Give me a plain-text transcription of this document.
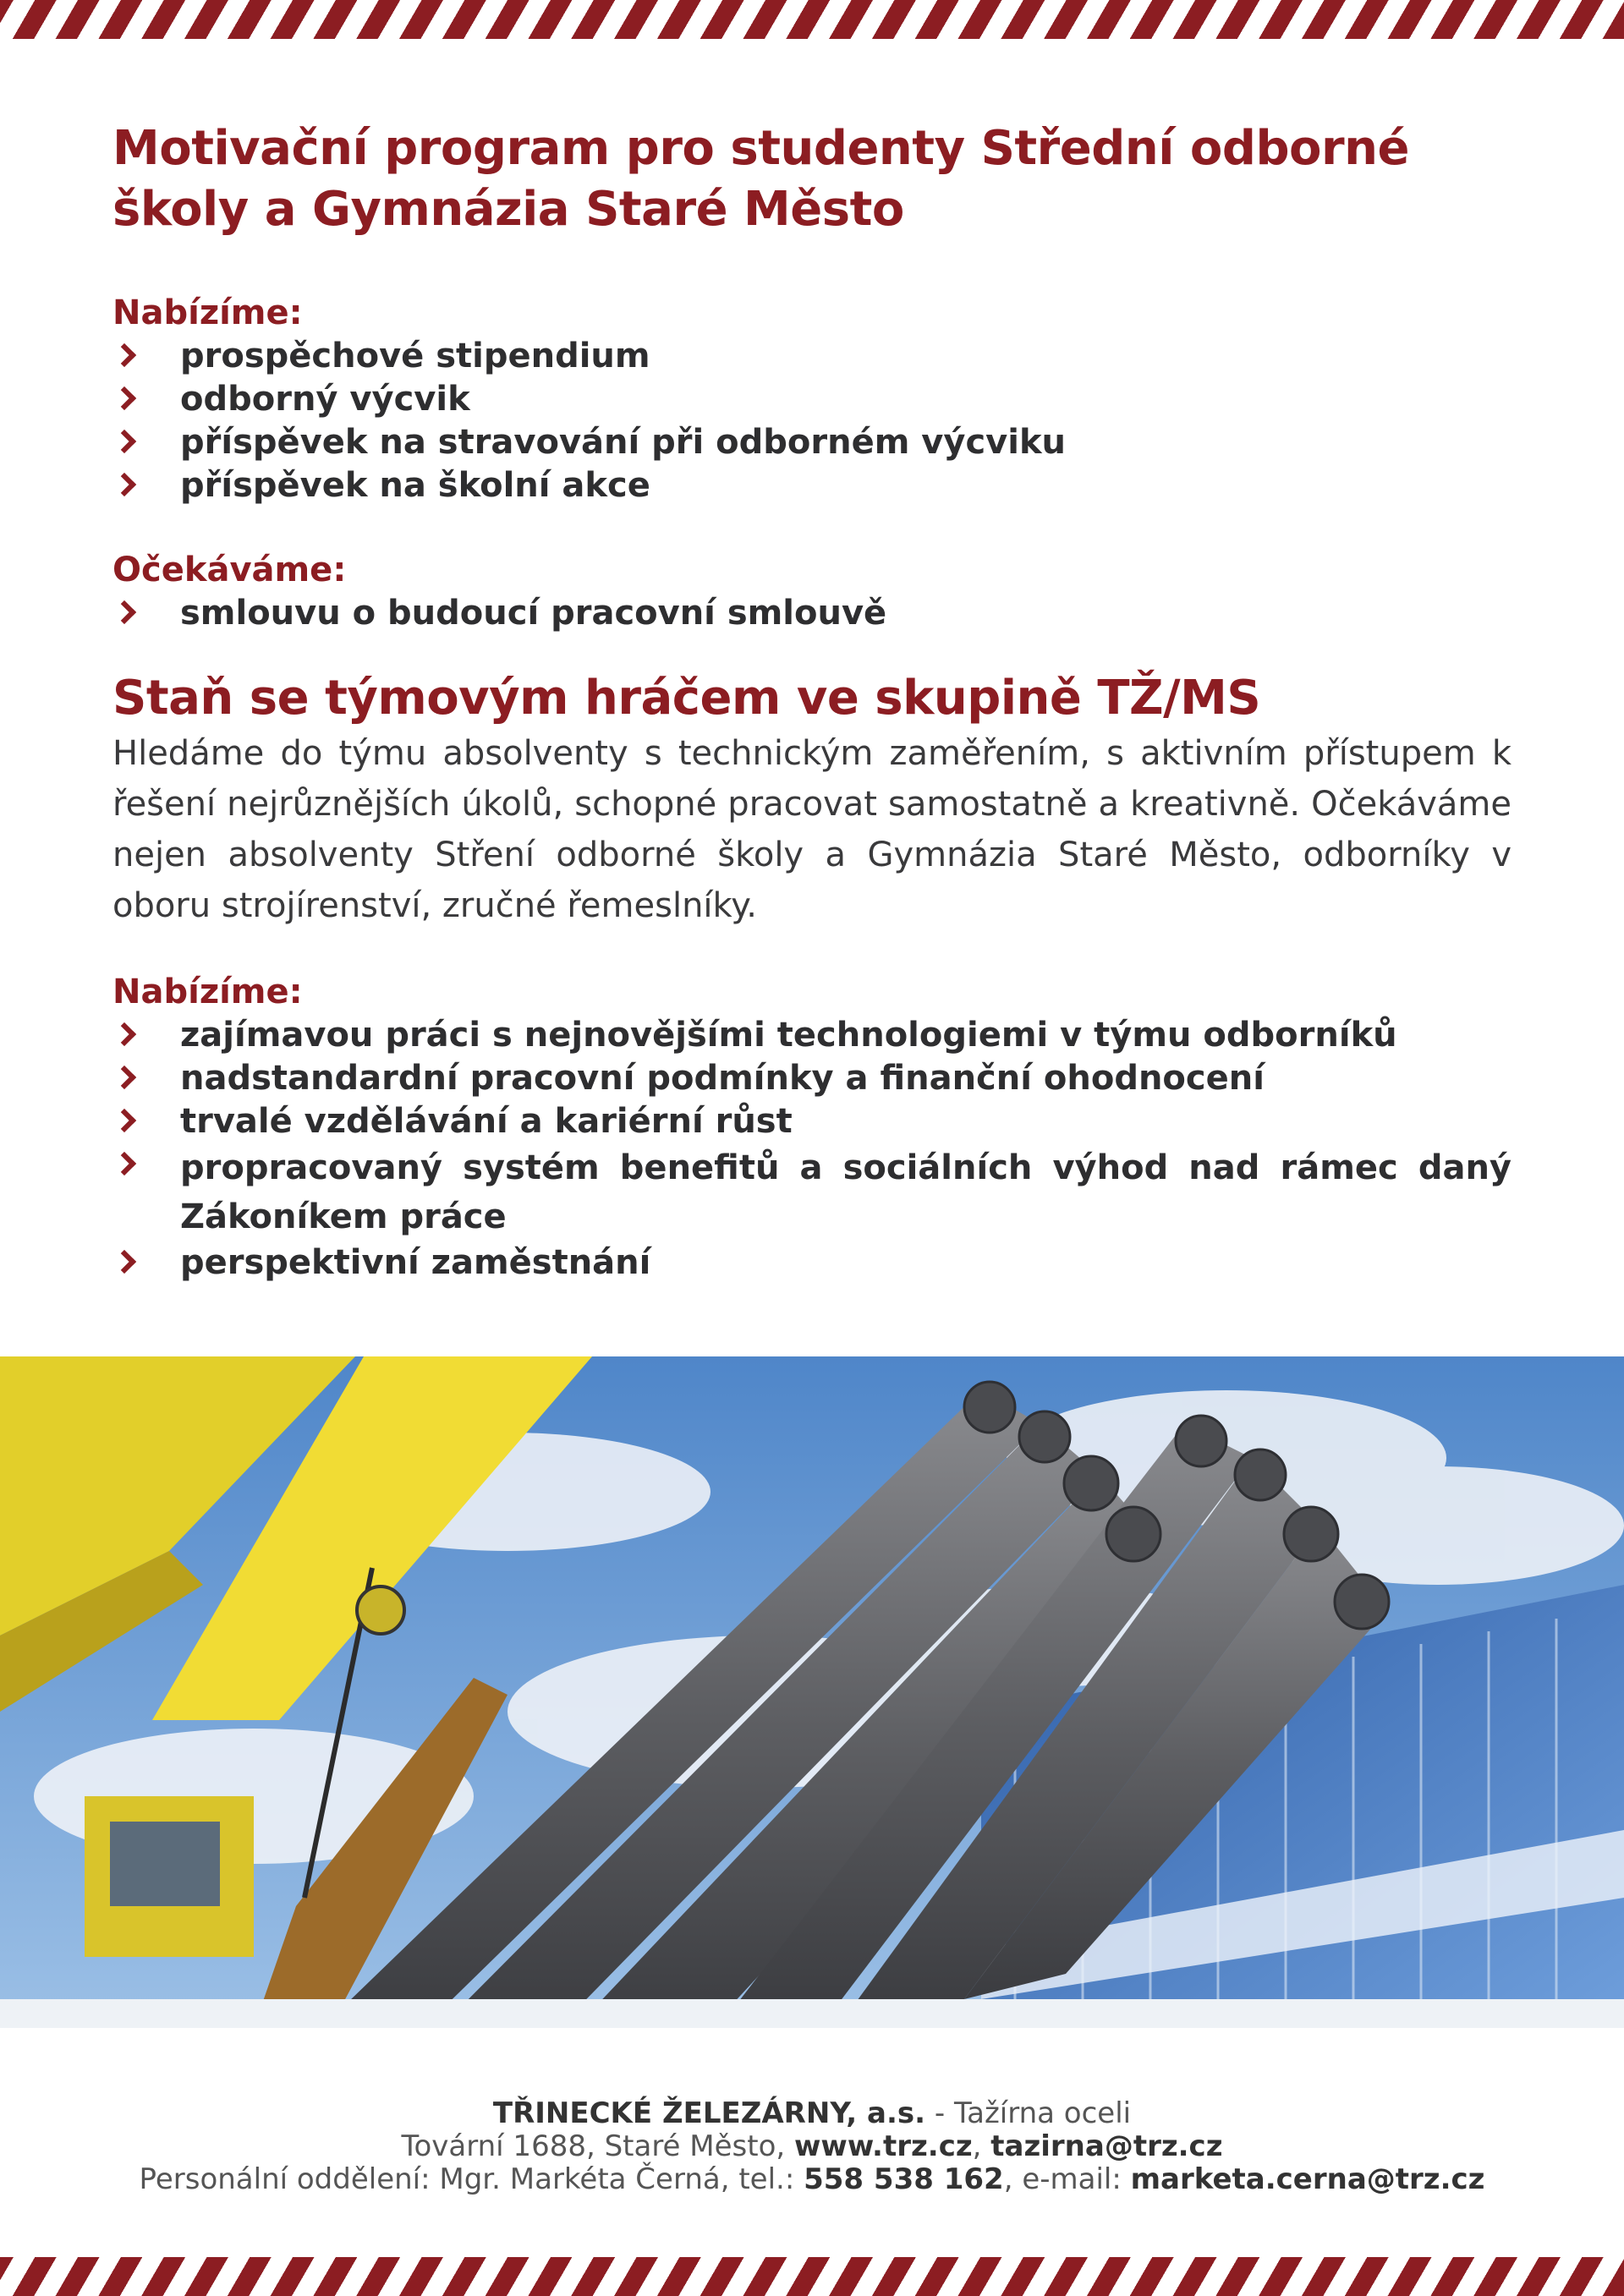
Motivační program pro studenty Střední odborné školy a Gymnázia Staré Město
Nabízíme:
prospěchové stipendium
odborný výcvik
příspěvek na stravování při odborném výcviku
příspěvek na školní akce
Očekáváme:
smlouvu o budoucí pracovní smlouvě
Staň se týmovým hráčem ve skupině TŽ/MS

Hledáme do týmu absolventy s technickým zaměřením, s aktivním přístupem k řešení nejrůznějších úkolů, schopné pracovat samostatně a kreativně. Očekáváme nejen absolventy Stření odborné školy a Gymnázia Staré Město, odborníky v oboru strojírenství, zručné řemeslníky.

Nabízíme:
zajímavou práci s nejnovějšími technologiemi v týmu odborníků
nadstandardní pracovní podmínky a finanční ohodnocení
trvalé vzdělávání a kariérní růst
propracovaný systém benefitů a sociálních výhod nad rámec daný Zákoníkem práce
perspektivní zaměstnání
TŘINECKÉ ŽELEZÁRNY, a.s. - Tažírna oceli
Tovární 1688, Staré Město, www.trz.cz, tazirna@trz.cz
Personální oddělení: Mgr. Markéta Černá, tel.: 558 538 162, e-mail: marketa.cerna@trz.cz
